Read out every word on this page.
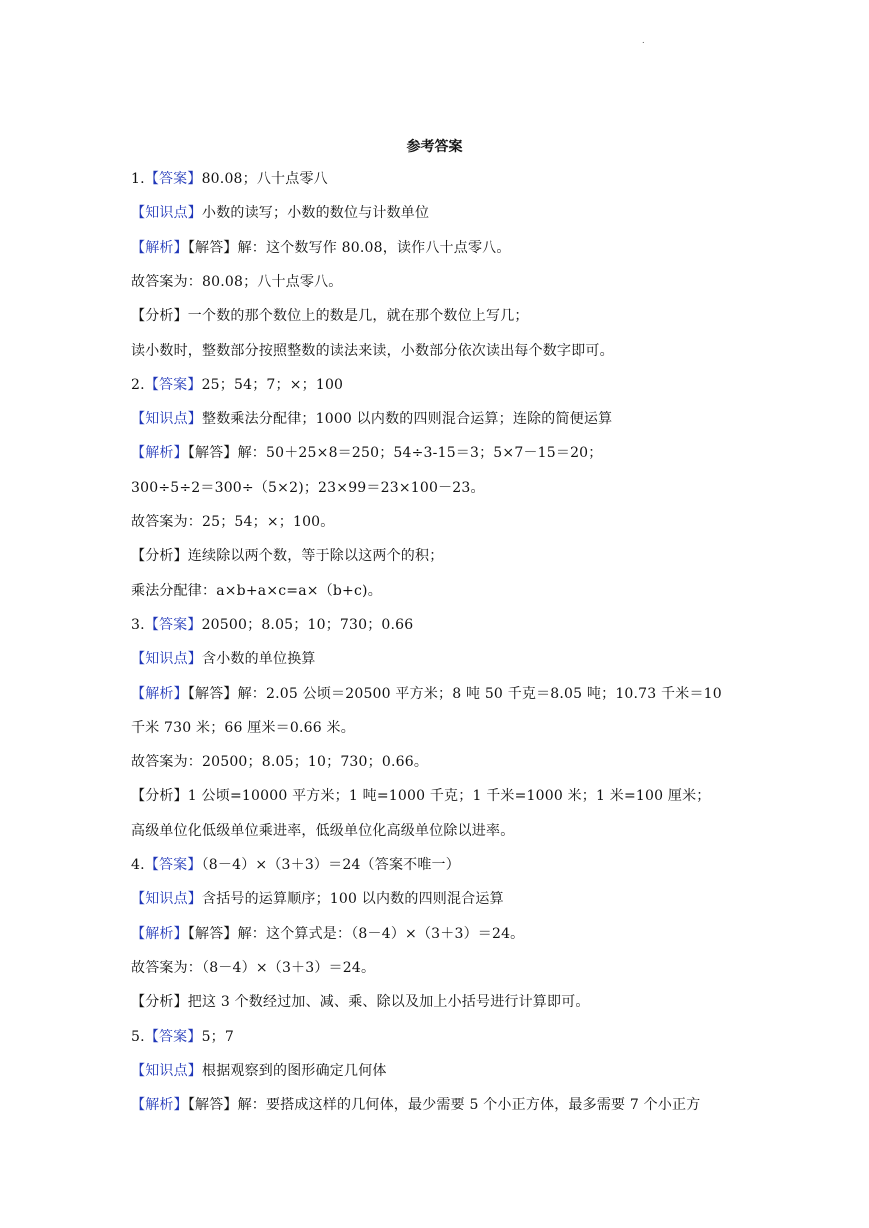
.
参考答案
1.【答案】80.08；八十点零八
【知识点】小数的读写；小数的数位与计数单位
【解析】【解答】解：这个数写作 80.08，读作八十点零八。
故答案为：80.08；八十点零八。
【分析】一个数的那个数位上的数是几，就在那个数位上写几；
读小数时，整数部分按照整数的读法来读，小数部分依次读出每个数字即可。
2.【答案】25；54；7；×；100
【知识点】整数乘法分配律；1000 以内数的四则混合运算；连除的简便运算
【解析】【解答】解：50＋25×8＝250；54÷3-15＝3；5×7－15＝20；
300÷5÷2＝300÷（5×2)；23×99＝23×100－23。
故答案为：25；54；×；100。
【分析】连续除以两个数，等于除以这两个的积；
乘法分配律：a×b+a×c=a×（b+c)。
3.【答案】20500；8.05；10；730；0.66
【知识点】含小数的单位换算
【解析】【解答】解：2.05 公顷＝20500 平方米；8 吨 50 千克＝8.05 吨；10.73 千米＝10
千米 730 米；66 厘米＝0.66 米。
故答案为：20500；8.05；10；730；0.66。
【分析】1 公顷=10000 平方米；1 吨=1000 千克；1 千米=1000 米；1 米=100 厘米；
高级单位化低级单位乘进率，低级单位化高级单位除以进率。
4.【答案】（8－4）×（3＋3）＝24（答案不唯一）
【知识点】含括号的运算顺序；100 以内数的四则混合运算
【解析】【解答】解：这个算式是：（8－4）×（3＋3）＝24。
故答案为：（8－4）×（3＋3）＝24。
【分析】把这 3 个数经过加、减、乘、除以及加上小括号进行计算即可。
5.【答案】5；7
【知识点】根据观察到的图形确定几何体
【解析】【解答】解：要搭成这样的几何体，最少需要 5 个小正方体，最多需要 7 个小正方
